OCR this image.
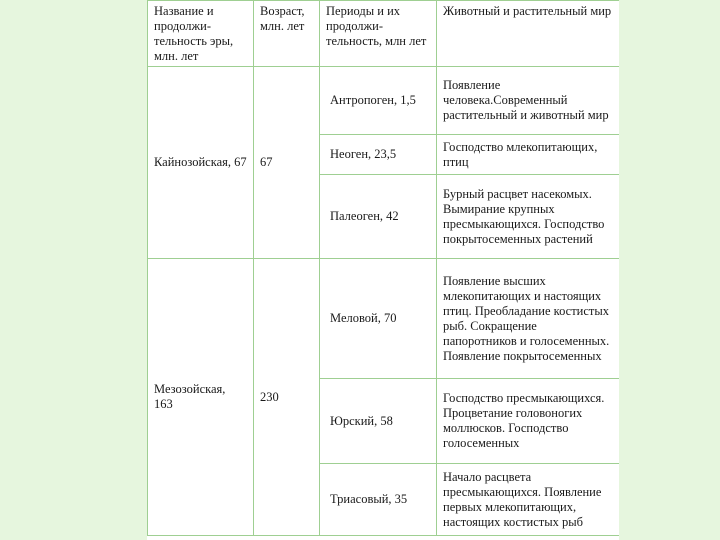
Название и продолжи-тельность эры, млн. лет	Возраст, млн. лет	Периоды и их продолжи-тельность, млн лет	Животный и растительный мир
Кайнозойская, 67	67	Антропоген, 1,5	Появление человека.Современный растительный и животный мир
		Неоген, 23,5	Господство млекопитающих, птиц
		Палеоген, 42	Бурный расцвет насекомых. Вымирание крупных пресмыкающихся. Господство покрытосеменных растений
Мезозойская, 163	230	Меловой, 70	Появление высших млекопитающих и настоящих птиц. Преобладание костистых рыб. Сокращение папоротников и голосеменных. Появление покрытосеменных
		Юрский, 58	Господство пресмыкающихся. Процветание головоногих моллюсков. Господство голосеменных
		Триасовый, 35	Начало расцвета пресмыкающихся. Появление первых млекопитающих, настоящих костистых рыб
